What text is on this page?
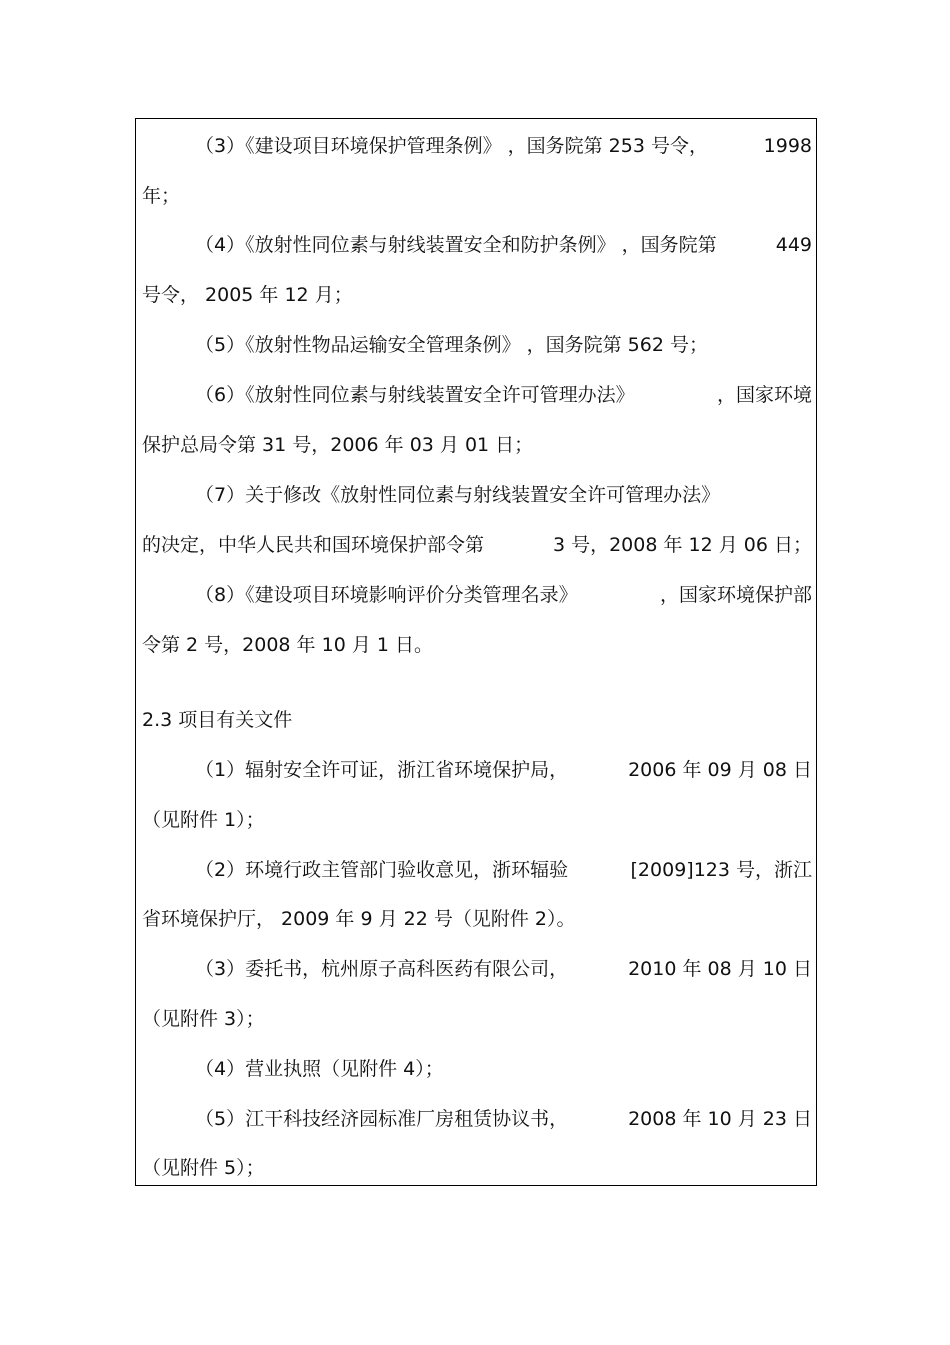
（3）《建设项目环境保护管理条例》 ，国务院第 253 号令，	1998
年；
（4）《放射性同位素与射线装置安全和防护条例》 ，国务院第	449
号令， 2005 年 12 月；
（5）《放射性物品运输安全管理条例》 ，国务院第 562 号；
（6）《放射性同位素与射线装置安全许可管理办法》	，国家环境
保护总局令第 31 号，2006 年 03 月 01 日；
（7）关于修改《放射性同位素与射线装置安全许可管理办法》
的决定，中华人民共和国环境保护部令第	3 号，2008 年 12 月 06 日；
（8）《建设项目环境影响评价分类管理名录》	，国家环境保护部
令第 2 号，2008 年 10 月 1 日。
2.3 项目有关文件
（1）辐射安全许可证，浙江省环境保护局，	2006 年 09 月 08 日
（见附件 1）；
（2）环境行政主管部门验收意见，浙环辐验	[2009]123 号，浙江
省环境保护厅， 2009 年 9 月 22 号（见附件 2）。
（3）委托书，杭州原子高科医药有限公司，	2010 年 08 月 10 日
（见附件 3）；
（4）营业执照（见附件 4）；
（5）江干科技经济园标准厂房租赁协议书，	2008 年 10 月 23 日
（见附件 5）；
